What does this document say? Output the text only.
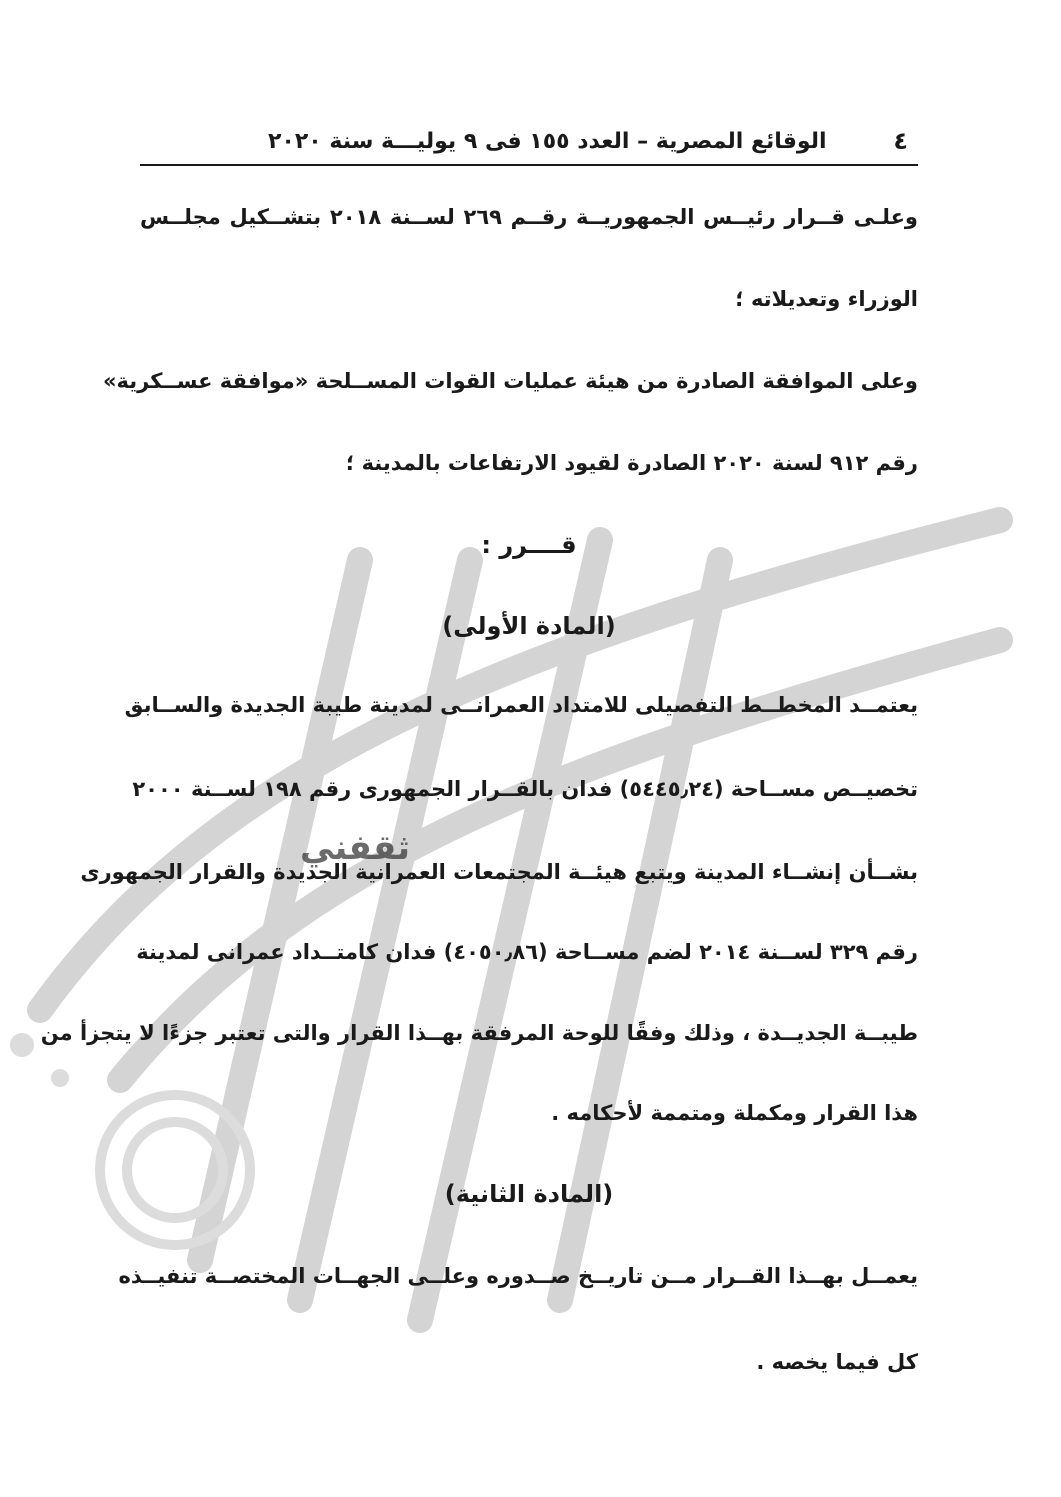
٤
الوقائع المصرية – العدد ١٥٥ فى ٩ يوليـــة سنة ٢٠٢٠
وعلـى قــرار رئيــس الجمهوريــة رقــم ٢٦٩ لســنة ٢٠١٨ بتشــكيل مجلــس
الوزراء وتعديلاته ؛
وعلى الموافقة الصادرة من هيئة عمليات القوات المســلحة «موافقة عســكرية»
رقم ٩١٢ لسنة ٢٠٢٠ الصادرة لقيود الارتفاعات بالمدينة ؛
قــــرر :
(المادة الأولى)
يعتمــد المخطــط التفصيلى للامتداد العمرانــى لمدينة طيبة الجديدة والســابق
تخصيــص مســاحة (٥٤٤٥٫٢٤) فدان بالقــرار الجمهورى رقم ١٩٨ لســنة ٢٠٠٠
بشــأن إنشــاء المدينة ويتبع هيئــة المجتمعات العمرانية الجديدة والقرار الجمهورى
رقم ٣٢٩ لســنة ٢٠١٤ لضم مســاحة (٤٠٥٠٫٨٦) فدان كامتــداد عمرانى لمدينة
طيبــة الجديــدة ، وذلك وفقًا للوحة المرفقة بهــذا القرار والتى تعتبر جزءًا لا يتجزأ من
هذا القرار ومكملة ومتممة لأحكامه .
(المادة الثانية)
يعمــل بهــذا القــرار مــن تاريــخ صــدوره وعلــى الجهــات المختصــة تنفيــذه
كل فيما يخصه .
ثقفني
